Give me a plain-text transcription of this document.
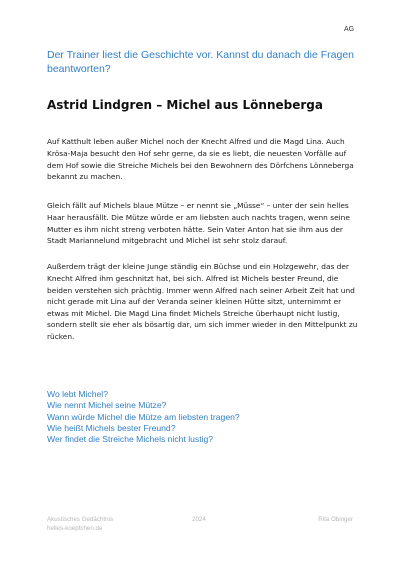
AG
Der Trainer liest die Geschichte vor. Kannst du danach die Fragen beantworten?
Astrid Lindgren – Michel aus Lönneberga

Auf Katthult leben außer Michel noch der Knecht Alfred und die Magd Lina. Auch Krösa-Maja besucht den Hof sehr gerne, da sie es liebt, die neuesten Vorfälle auf dem Hof sowie die Streiche Michels bei den Bewohnern des Dörfchens Lönneberga bekannt zu machen.

Gleich fällt auf Michels blaue Mütze – er nennt sie „Müsse“ – unter der sein helles Haar herausfällt. Die Mütze würde er am liebsten auch nachts tragen, wenn seine Mutter es ihm nicht streng verboten hätte. Sein Vater Anton hat sie ihm aus der Stadt Mariannelund mitgebracht und Michel ist sehr stolz darauf.

Außerdem trägt der kleine Junge ständig ein Büchse und ein Holzgewehr, das der Knecht Alfred ihm geschnitzt hat, bei sich. Alfred ist Michels bester Freund, die beiden verstehen sich prächtig. Immer wenn Alfred nach seiner Arbeit Zeit hat und nicht gerade mit Lina auf der Veranda seiner kleinen Hütte sitzt, unternimmt er etwas mit Michel. Die Magd Lina findet Michels Streiche überhaupt nicht lustig, sondern stellt sie eher als bösartig dar, um sich immer wieder in den Mittelpunkt zu rücken.

Wo lebt Michel?
Wie nennt Michel seine Mütze?
Wann würde Michel die Mütze am liebsten tragen?
Wie heißt Michels bester Freund?
Wer findet die Streiche Michels nicht lustig?
Akustisches Gedächtnis	2024	Rita Obinger
helles-koepfchen.de
